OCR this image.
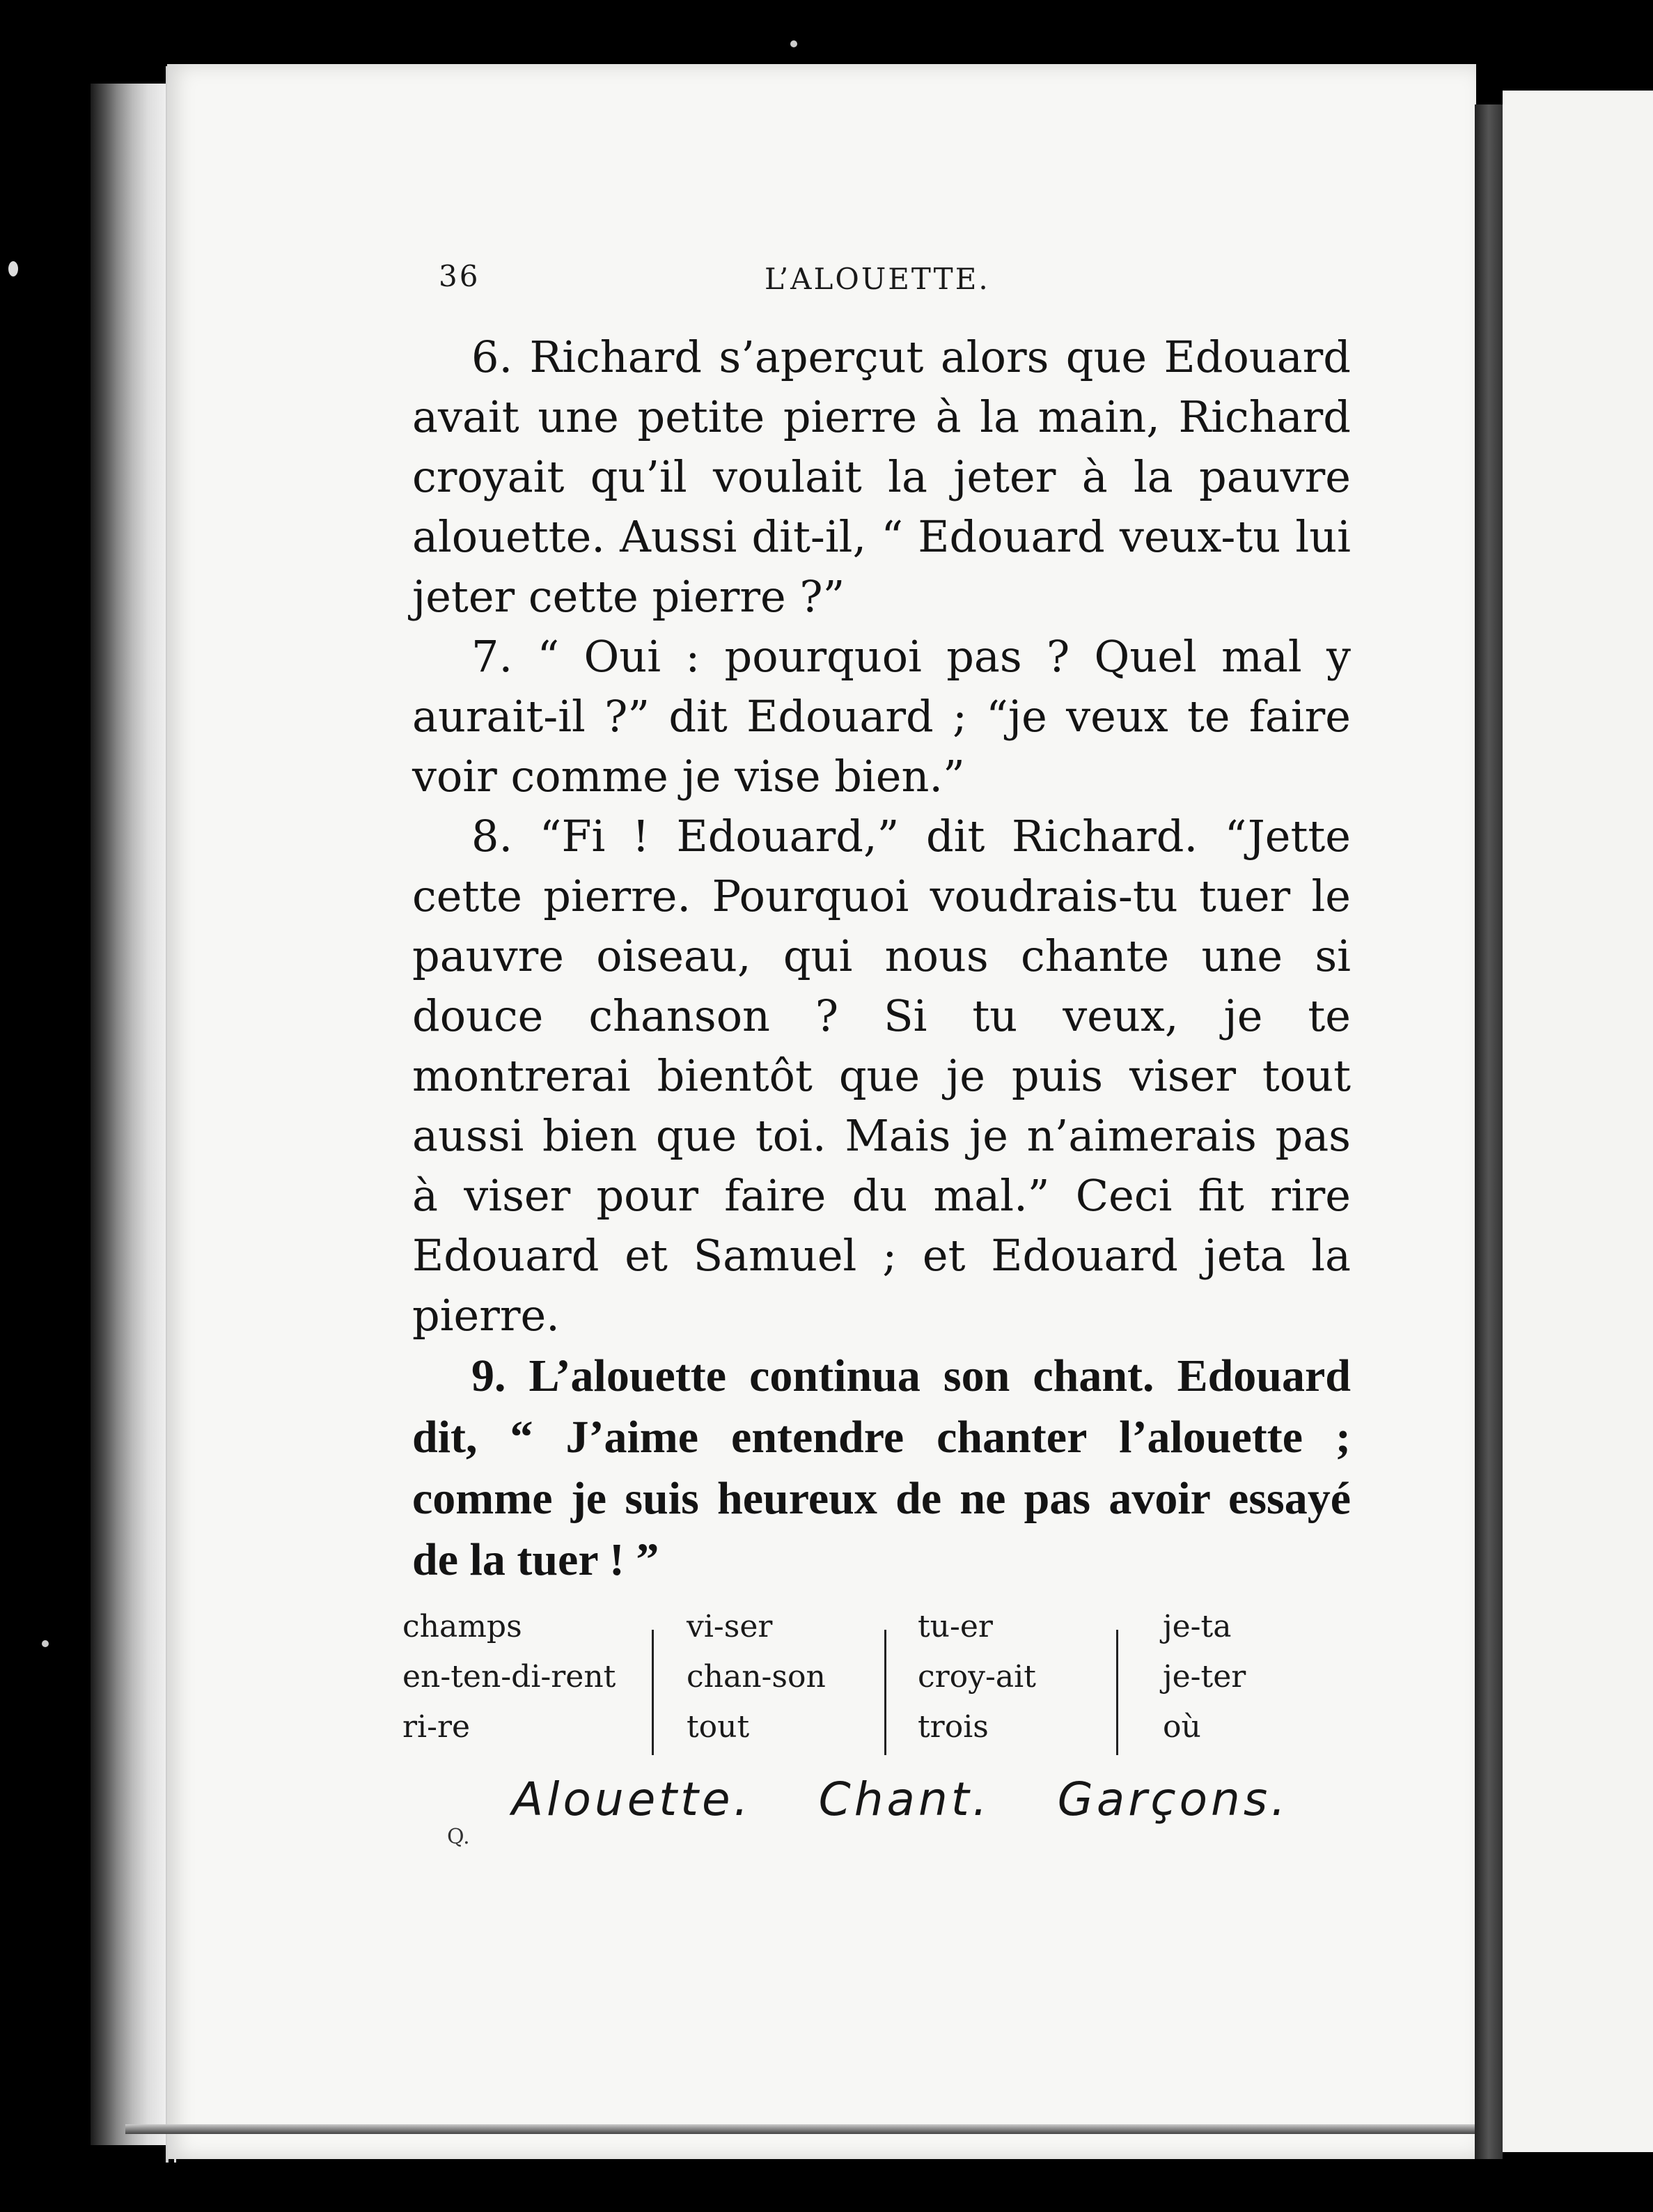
36	L’ALOUETTE.

6. Richard s’aperçut alors que Edouard avait une petite pierre à la main, Richard croyait qu’il voulait la jeter à la pauvre alouette. Aussi dit-il, “ Edouard veux-tu lui jeter cette pierre ?”

7. “ Oui : pourquoi pas ? Quel mal y aurait-il ?” dit Edouard ; “je veux te faire voir comme je vise bien.”

8. “Fi ! Edouard,” dit Richard. “Jette cette pierre. Pourquoi voudrais-tu tuer le pauvre oiseau, qui nous chante une si douce chanson ? Si tu veux, je te montrerai bientôt que je puis viser tout aussi bien que toi. Mais je n’aimerais pas à viser pour faire du mal.” Ceci fit rire Edouard et Samuel ; et Edouard jeta la pierre.

9. L’alouette continua son chant. Edouard dit, “ J’aime entendre chanter l’alouette ; comme je suis heureux de ne pas avoir essayé de la tuer ! ”

champs
en-ten-di-rent
ri-re
vi-ser
chan-son
tout
tu-er
croy-ait
trois
je-ta
je-ter
où
Alouette. Chant. Garçons.
Q.
